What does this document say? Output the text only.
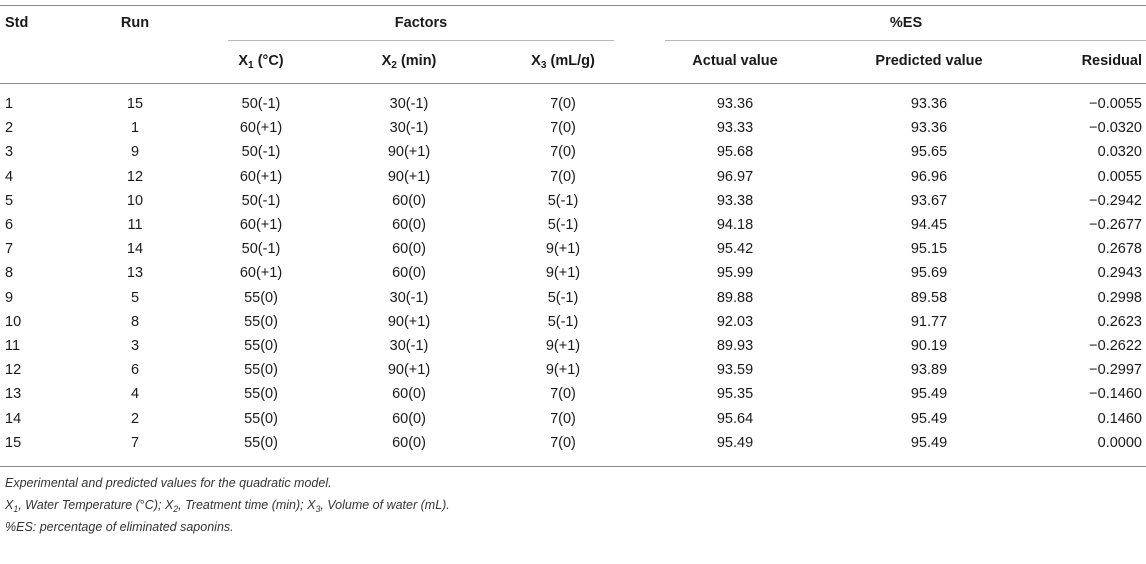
Std	Run	Factors	%ES
$X_1$ (°C)	$X_2$ (min)	$X_3$ (mL/g)	Actual value	Predicted value	Residual
1	15	50(-1)	30(-1)	7(0)	93.36	93.36	−0.0055
2	1	60(+1)	30(-1)	7(0)	93.33	93.36	−0.0320
3	9	50(-1)	90(+1)	7(0)	95.68	95.65	0.0320
4	12	60(+1)	90(+1)	7(0)	96.97	96.96	0.0055
5	10	50(-1)	60(0)	5(-1)	93.38	93.67	−0.2942
6	11	60(+1)	60(0)	5(-1)	94.18	94.45	−0.2677
7	14	50(-1)	60(0)	9(+1)	95.42	95.15	0.2678
8	13	60(+1)	60(0)	9(+1)	95.99	95.69	0.2943
9	5	55(0)	30(-1)	5(-1)	89.88	89.58	0.2998
10	8	55(0)	90(+1)	5(-1)	92.03	91.77	0.2623
11	3	55(0)	30(-1)	9(+1)	89.93	90.19	−0.2622
12	6	55(0)	90(+1)	9(+1)	93.59	93.89	−0.2997
13	4	55(0)	60(0)	7(0)	95.35	95.49	−0.1460
14	2	55(0)	60(0)	7(0)	95.64	95.49	0.1460
15	7	55(0)	60(0)	7(0)	95.49	95.49	0.0000
Experimental and predicted values for the quadratic model.
$X_1$, Water Temperature (°C); $X_2$, Treatment time (min); $X_3$, Volume of water (mL).
%ES: percentage of eliminated saponins.
